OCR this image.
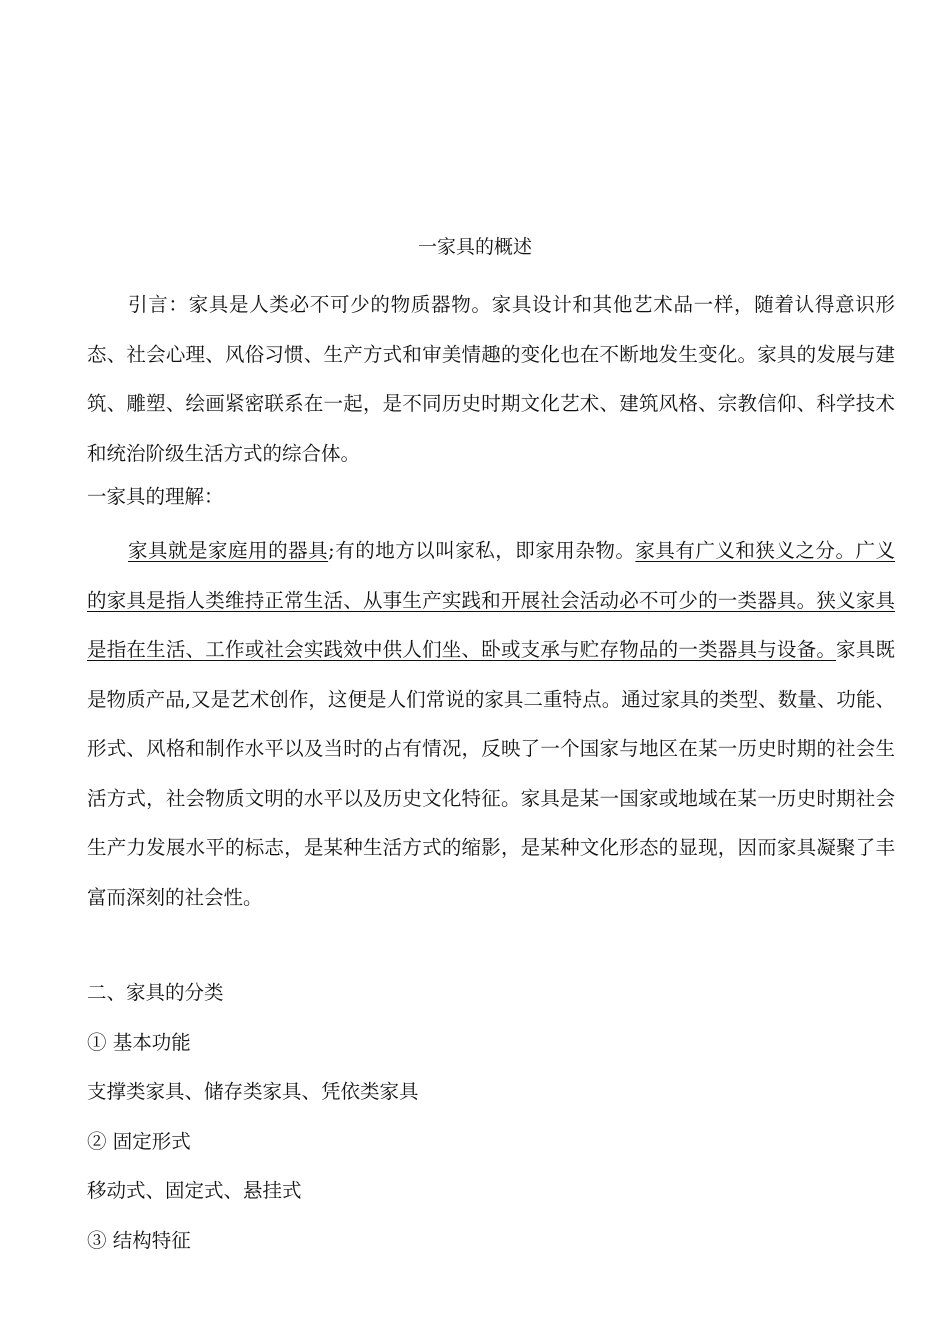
一家具的概述

引言：家具是人类必不可少的物质器物。家具设计和其他艺术品一样，随着认得意识形态、社会心理、风俗习惯、生产方式和审美情趣的变化也在不断地发生变化。家具的发展与建筑、雕塑、绘画紧密联系在一起，是不同历史时期文化艺术、建筑风格、宗教信仰、科学技术和统治阶级生活方式的综合体。

一家具的理解：

家具就是家庭用的器具;有的地方以叫家私，即家用杂物。家具有广义和狭义之分。广义的家具是指人类维持正常生活、从事生产实践和开展社会活动必不可少的一类器具。狭义家具是指在生活、工作或社会实践效中供人们坐、卧或支承与贮存物品的一类器具与设备。家具既是物质产品,又是艺术创作，这便是人们常说的家具二重特点。通过家具的类型、数量、功能、形式、风格和制作水平以及当时的占有情况，反映了一个国家与地区在某一历史时期的社会生活方式，社会物质文明的水平以及历史文化特征。家具是某一国家或地域在某一历史时期社会生产力发展水平的标志，是某种生活方式的缩影，是某种文化形态的显现，因而家具凝聚了丰富而深刻的社会性。

二、家具的分类
① 基本功能
支撑类家具、储存类家具、凭依类家具
② 固定形式
移动式、固定式、悬挂式
③ 结构特征
